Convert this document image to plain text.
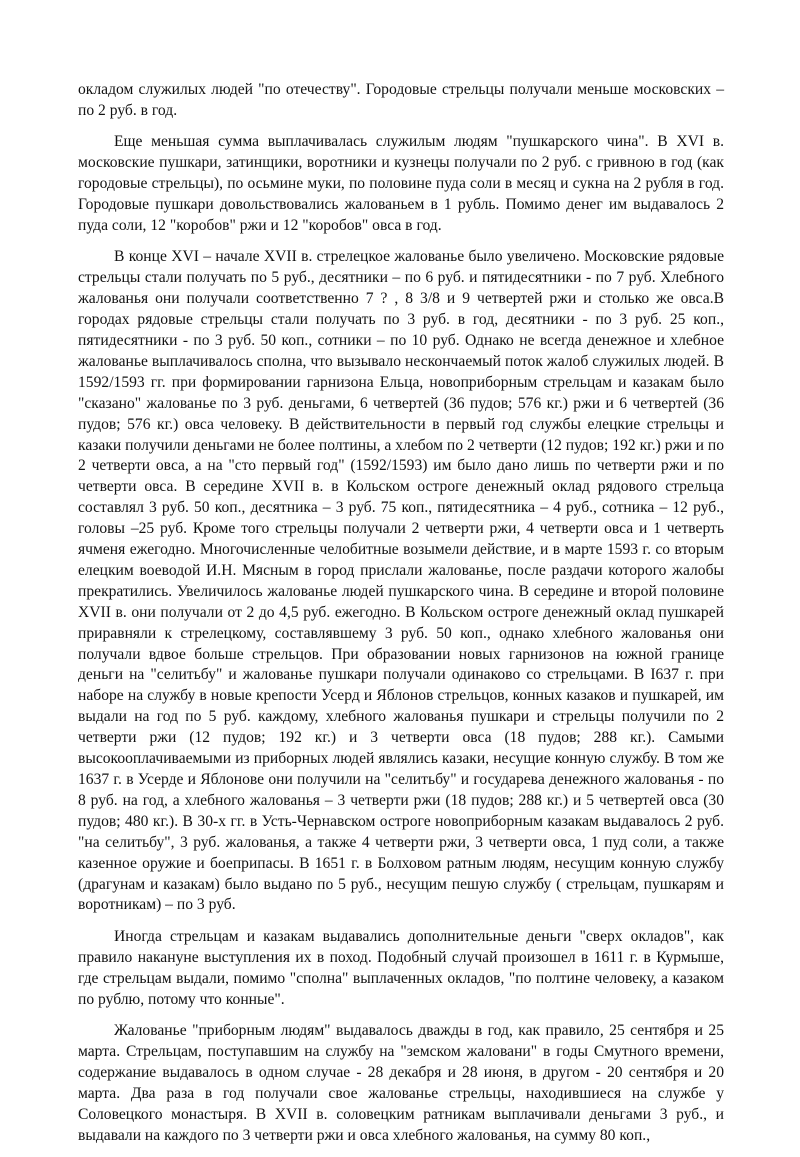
окладом служилых людей "по отечеству". Городовые стрельцы получали меньше московских – по 2 руб. в год.

Еще меньшая сумма выплачивалась служилым людям "пушкарского чина". В XVI в. московские пушкари, затинщики, воротники и кузнецы получали по 2 руб. с гривною в год (как городовые стрельцы), по осьмине муки, по половине пуда соли в месяц и сукна на 2 рубля в год. Городовые пушкари довольствовались жалованьем в 1 рубль. Помимо денег им выдавалось 2 пуда соли, 12 "коробов" ржи и 12 "коробов" овса в год.

В конце XVI – начале XVII в. стрелецкое жалованье было увеличено. Московские рядовые стрельцы стали получать по 5 руб., десятники – по 6 руб. и пятидесятники - по 7 руб. Хлебного жалованья они получали соответственно 7 ? , 8 3/8 и 9 четвертей ржи и столько же овса.В городах рядовые стрельцы стали получать по 3 руб. в год, десятники - по 3 руб. 25 коп., пятидесятники - по 3 руб. 50 коп., сотники – по 10 руб. Однако не всегда денежное и хлебное жалованье выплачивалось сполна, что вызывало нескончаемый поток жалоб служилых людей. В 1592/1593 гг. при формировании гарнизона Ельца, новоприборным стрельцам и казакам было "сказано" жалованье по 3 руб. деньгами, 6 четвертей (36 пудов; 576 кг.) ржи и 6 четвертей (36 пудов; 576 кг.) овса человеку. В действительности в первый год службы елецкие стрельцы и казаки получили деньгами не более полтины, а хлебом по 2 четверти (12 пудов; 192 кг.) ржи и по 2 четверти овса, а на "сто первый год" (1592/1593) им было дано лишь по четверти ржи и по четверти овса. В середине XVII в. в Кольском остроге денежный оклад рядового стрельца составлял 3 руб. 50 коп., десятника – 3 руб. 75 коп., пятидесятника – 4 руб., сотника – 12 руб., головы –25 руб. Кроме того стрельцы получали 2 четверти ржи, 4 четверти овса и 1 четверть ячменя ежегодно. Многочисленные челобитные возымели действие, и в марте 1593 г. со вторым елецким воеводой И.Н. Мясным в город прислали жалованье, после раздачи которого жалобы прекратились. Увеличилось жалованье людей пушкарского чина. В середине и второй половине XVII в. они получали от 2 до 4,5 руб. ежегодно. В Кольском остроге денежный оклад пушкарей приравняли к стрелецкому, составлявшему 3 руб. 50 коп., однако хлебного жалованья они получали вдвое больше стрельцов. При образовании новых гарнизонов на южной границе деньги на "селитьбу" и жалованье пушкари получали одинаково со стрельцами. В I637 г. при наборе на службу в новые крепости Усерд и Яблонов стрельцов, конных казаков и пушкарей, им выдали на год по 5 руб. каждому, хлебного жалованья пушкари и стрельцы получили по 2 четверти ржи (12 пудов; 192 кг.) и 3 четверти овса (18 пудов; 288 кг.). Самыми высокооплачиваемыми из приборных людей являлись казаки, несущие конную службу. В том же 1637 г. в Усерде и Яблонове они получили на "селитьбу" и государева денежного жалованья - по 8 руб. на год, а хлебного жалованья – 3 четверти ржи (18 пудов; 288 кг.) и 5 четвертей овса (30 пудов; 480 кг.). В 30-х гг. в Усть-Чернавском остроге новоприборным казакам выдавалось 2 руб. "на селитьбу", 3 руб. жалованья, а также 4 четверти ржи, 3 четверти овса, 1 пуд соли, а также казенное оружие и боеприпасы. В 1651 г. в Болховом ратным людям, несущим конную службу (драгунам и казакам) было выдано по 5 руб., несущим пешую службу ( стрельцам, пушкарям и воротникам) – по 3 руб.

Иногда стрельцам и казакам выдавались дополнительные деньги "сверх окладов", как правило накануне выступления их в поход. Подобный случай произошел в 1611 г. в Курмыше, где стрельцам выдали, помимо "сполна" выплаченных окладов, "по полтине человеку, а казаком по рублю, потому что конные".

Жалованье "приборным людям" выдавалось дважды в год, как правило, 25 сентября и 25 марта. Стрельцам, поступавшим на службу на "земском жаловани" в годы Смутного времени, содержание выдавалось в одном случае - 28 декабря и 28 июня, в другом - 20 сентября и 20 марта. Два раза в год получали свое жалованье стрельцы, находившиеся на службе у Соловецкого монастыря. В XVII в. соловецким ратникам выплачивали деньгами 3 руб., и выдавали на каждого по 3 четверти ржи и овса хлебного жалованья, на сумму 80 коп.,
